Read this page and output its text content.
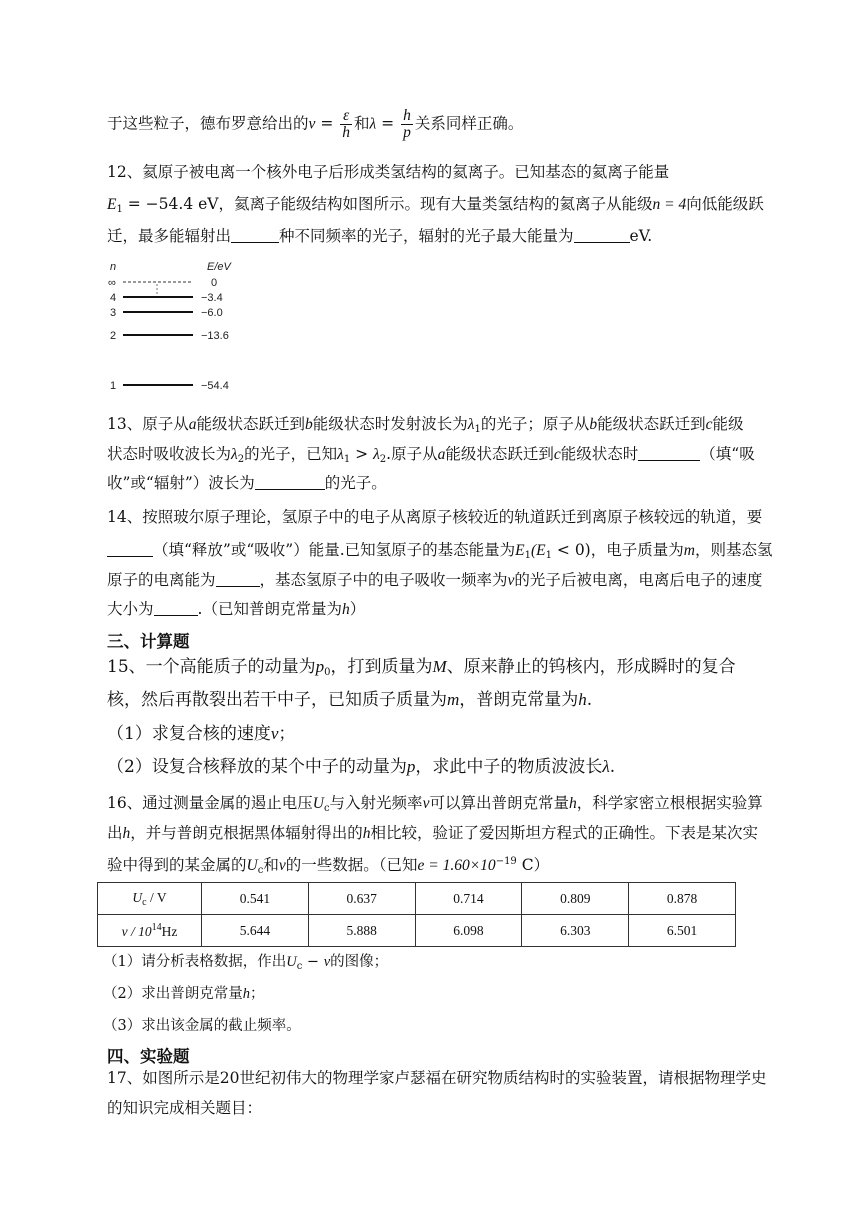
于这些粒子，德布罗意给出的$\nu = \frac{\varepsilon}{h}$ 和$\lambda = \frac{h}{p}$ 关系同样正确。
12、氦原子被电离一个核外电子后形成类氢结构的氦离子。已知基态的氦离子能量
$E_1 = -54.4$ eV，氦离子能级结构如图所示。现有大量类氢结构的氦离子从能级n = 4向低能级跃
迁，最多能辐射出	种不同频率的光子，辐射的光子最大能量为	eV.
n	E/eV
∞	0
4	−3.4
3	−6.0
2	−13.6
1	−54.4
13、原子从a能级状态跃迁到b能级状态时发射波长为$\lambda_1$的光子；原子从b能级状态跃迁到c能级
状态时吸收波长为$\lambda_2$的光子，已知$\lambda_1 > \lambda_2$.原子从a能级状态跃迁到c能级状态时	（填“吸
收”或“辐射”）波长为	的光子。
14、按照玻尔原子理论，氢原子中的电子从离原子核较近的轨道跃迁到离原子核较远的轨道，要
（填“释放”或“吸收”）能量.已知氢原子的基态能量为$E_1(E_1 < 0)$，电子质量为m，则基态氢
原子的电离能为	，基态氢原子中的电子吸收一频率为ν的光子后被电离，电离后电子的速度
大小为	.（已知普朗克常量为h）
三、计算题
15、一个高能质子的动量为$p_0$，打到质量为M、原来静止的钨核内，形成瞬时的复合
核，然后再散裂出若干中子，已知质子质量为m，普朗克常量为h.
（1）求复合核的速度v；
（2）设复合核释放的某个中子的动量为p，求此中子的物质波波长λ.
16、通过测量金属的遏止电压$U_c$与入射光频率ν可以算出普朗克常量h，科学家密立根根据实验算
出h，并与普朗克根据黑体辐射得出的h相比较，验证了爱因斯坦方程式的正确性。下表是某次实
验中得到的某金属的$U_c$和ν的一些数据。（已知$e = 1.60\times 10^{-19}$ C）
$U_c$ / V	0.541	0.637	0.714	0.809	0.878
ν / $10^{14}Hz$	5.644	5.888	6.098	6.303	6.501
（1）请分析表格数据，作出$U_c - \nu$的图像；
（2）求出普朗克常量h；
（3）求出该金属的截止频率。
四、实验题
17、如图所示是20世纪初伟大的物理学家卢瑟福在研究物质结构时的实验装置，请根据物理学史
的知识完成相关题目：
